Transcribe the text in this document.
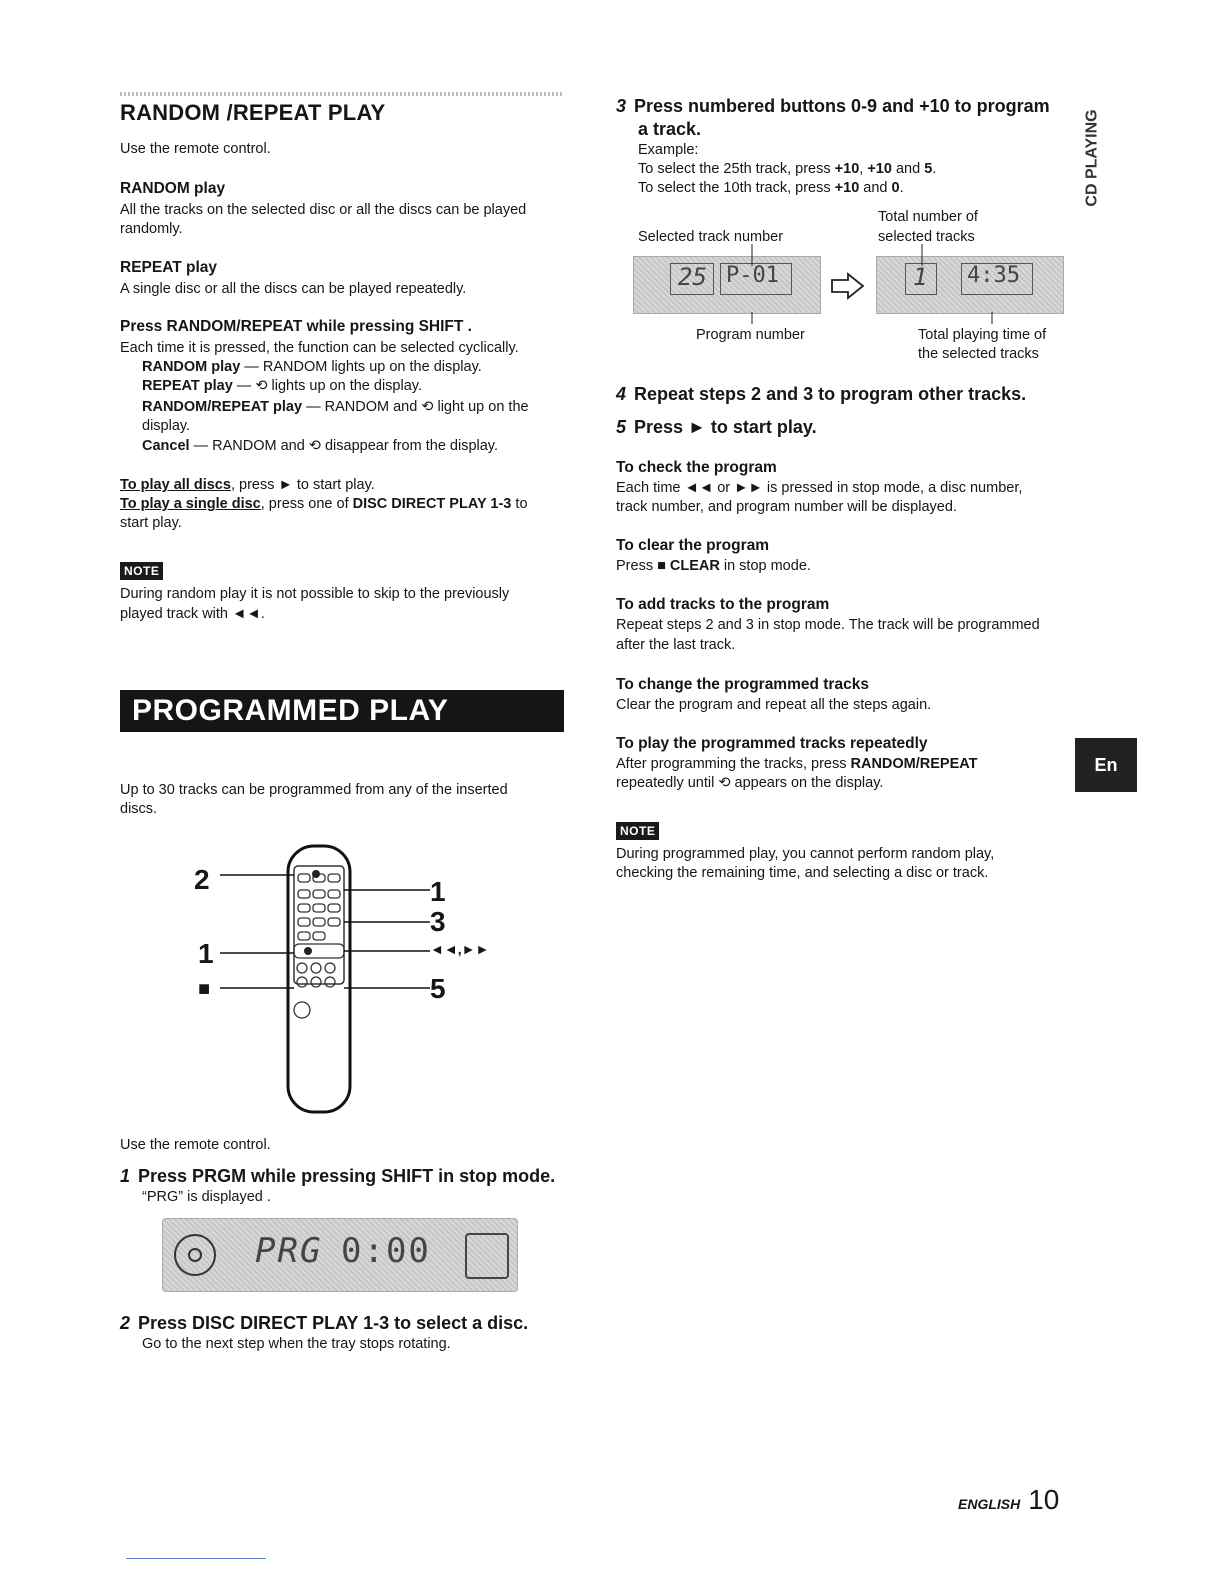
RANDOM /REPEAT PLAY
Use the remote control.
RANDOM play
All the tracks on the selected disc or all the discs can be played
randomly.
REPEAT play
A single disc or all the discs can be played repeatedly.
Press RANDOM/REPEAT while pressing SHIFT .
Each time it is pressed, the function can be selected cyclically.
RANDOM play — RANDOM lights up on the display.
REPEAT play — ⟲ lights up on the display.
RANDOM/REPEAT play — RANDOM and ⟲ light up on the
display.
Cancel — RANDOM and ⟲ disappear from the display.
To play all discs, press ► to start play.
To play a single disc, press one of DISC DIRECT PLAY 1-3 to
start play.
NOTE
During random play it is not possible to skip to the previously
played track with ◄◄.
PROGRAMMED PLAY
Up to 30 tracks can be programmed from any of the inserted
discs.
2
1
■
1
3
◄◄,►►
5
Use the remote control.
1 Press PRGM while pressing SHIFT in stop mode.
“PRG” is displayed .
PRG 0:00
2 Press DISC DIRECT PLAY 1-3 to select a disc.
Go to the next step when the tray stops rotating.
3 Press numbered buttons 0-9 and +10 to program
a track.
Example:
To select the 25th track, press +10, +10 and 5.
To select the 10th track, press +10 and 0.
Total number of
Selected track number	selected tracks
25 P-01	1 4:35
Program number	Total playing time of
the selected tracks
4 Repeat steps 2 and 3 to program other tracks.
5 Press ► to start play.
To check the program
Each time ◄◄ or ►► is pressed in stop mode, a disc number,
track number, and program number will be displayed.
To clear the program
Press ■ CLEAR in stop mode.
To add tracks to the program
Repeat steps 2 and 3 in stop mode. The track will be programmed
after the last track.
To change the programmed tracks
Clear the program and repeat all the steps again.
To play the programmed tracks repeatedly
After programming the tracks, press RANDOM/REPEAT
repeatedly until ⟲ appears on the display.
NOTE
During programmed play, you cannot perform random play,
checking the remaining time, and selecting a disc or track.
CD PLAYING
En
ENGLISH 10
